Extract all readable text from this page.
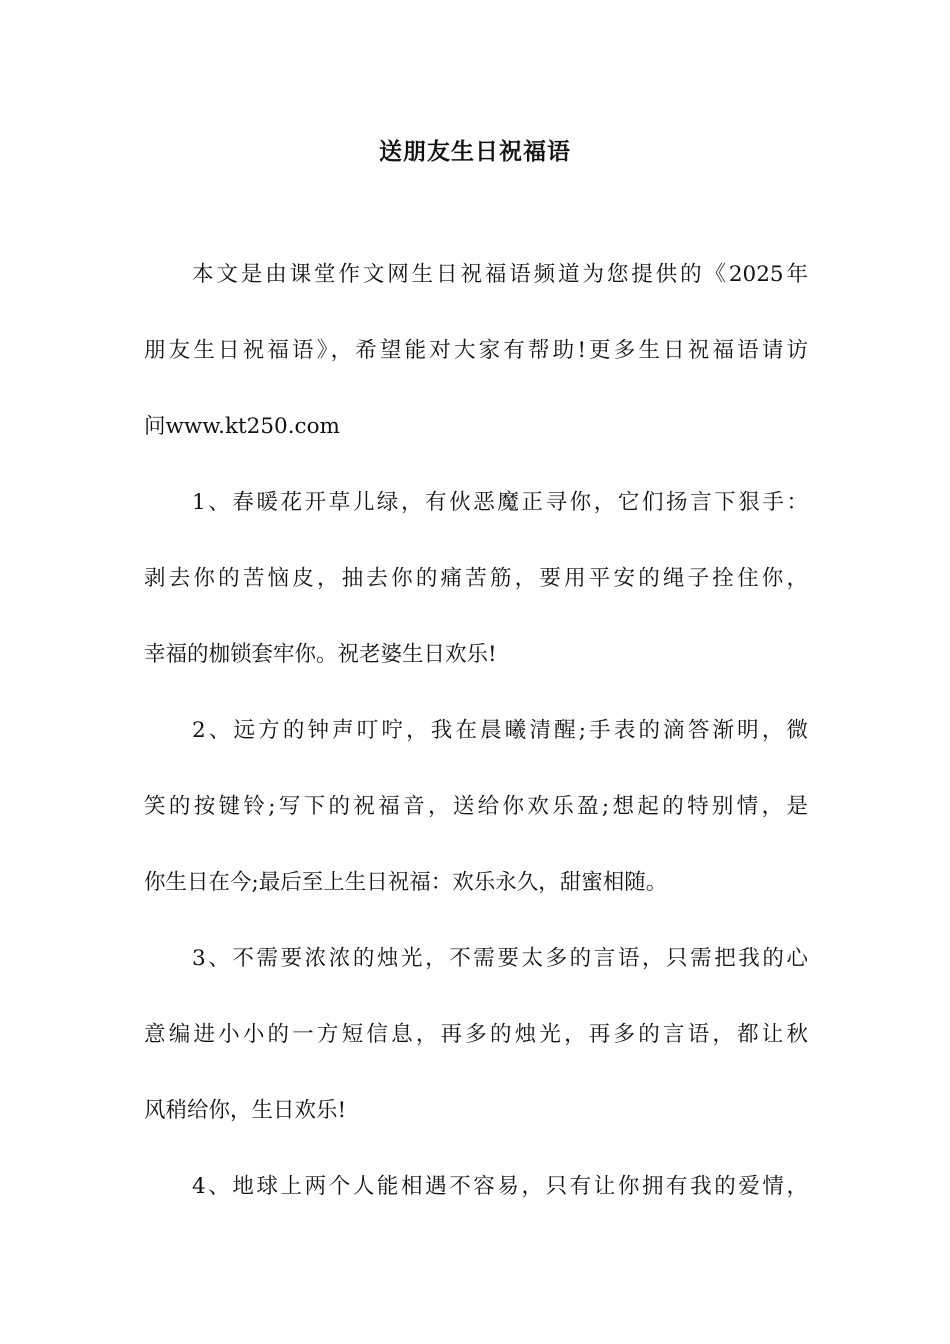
送朋友生日祝福语
本文是由课堂作文网生日祝福语频道为您提供的《2025年
朋友生日祝福语》，希望能对大家有帮助!更多生日祝福语请访
问www.kt250.com
1、春暖花开草儿绿，有伙恶魔正寻你，它们扬言下狠手：
剥去你的苦恼皮，抽去你的痛苦筋，要用平安的绳子拴住你，
幸福的枷锁套牢你。祝老婆生日欢乐!
2、远方的钟声叮咛，我在晨曦清醒;手表的滴答渐明，微
笑的按键铃;写下的祝福音，送给你欢乐盈;想起的特别情，是
你生日在今;最后至上生日祝福：欢乐永久，甜蜜相随。
3、不需要浓浓的烛光，不需要太多的言语，只需把我的心
意编进小小的一方短信息，再多的烛光，再多的言语，都让秋
风稍给你，生日欢乐!
4、地球上两个人能相遇不容易，只有让你拥有我的爱情，
